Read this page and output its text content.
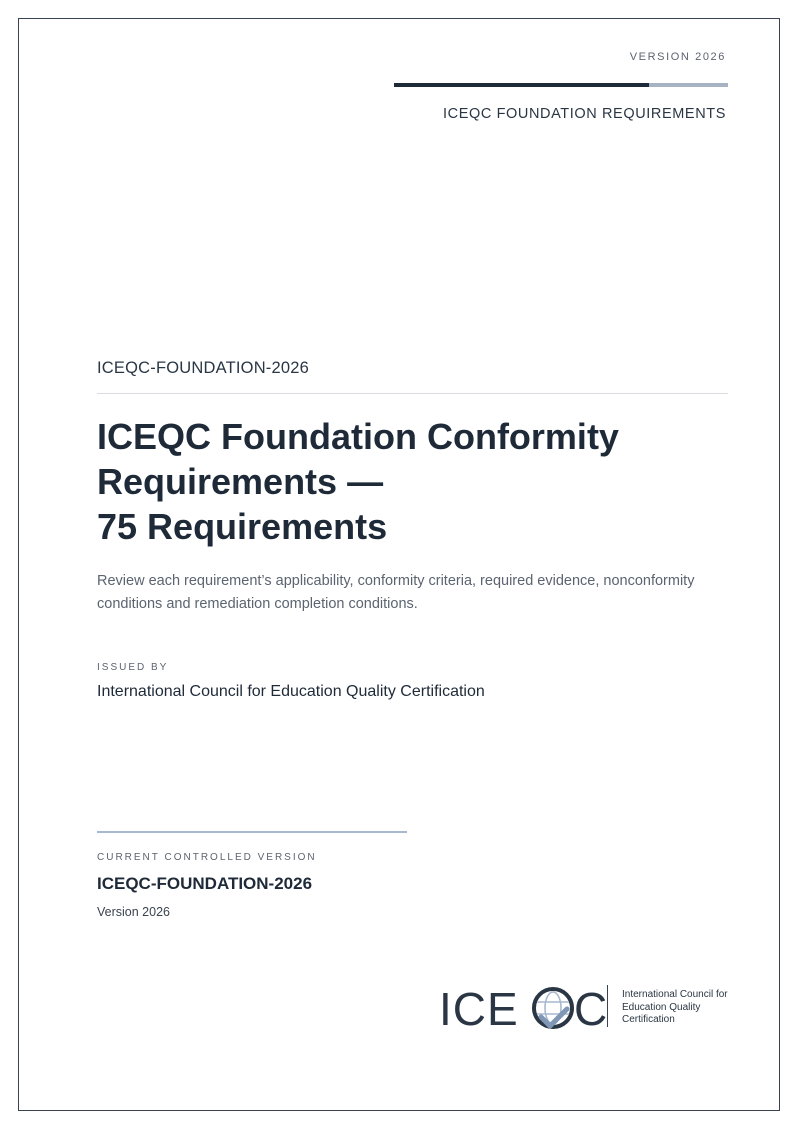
VERSION 2026
ICEQC FOUNDATION REQUIREMENTS
ICEQC-FOUNDATION-2026
ICEQC Foundation Conformity
Requirements —
75 Requirements
Review each requirement’s applicability, conformity criteria, required evidence, nonconformity conditions and remediation completion conditions.
ISSUED BY
International Council for Education Quality Certification
CURRENT CONTROLLED VERSION
ICEQC-FOUNDATION-2026
Version 2026
ICE C International Council for
Education Quality
Certification
